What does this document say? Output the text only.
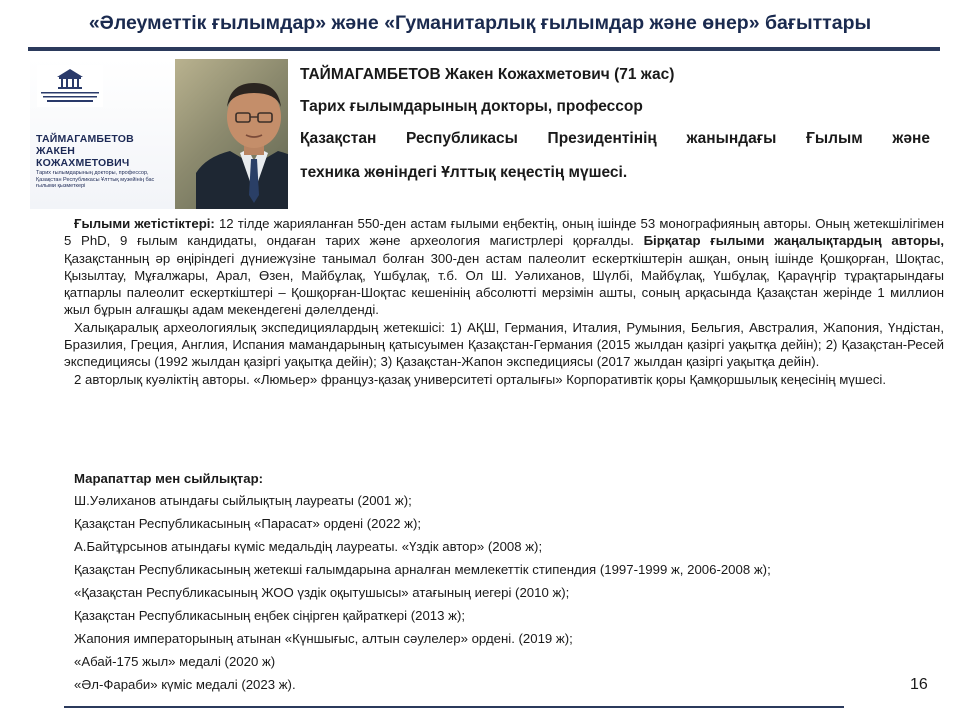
«Әлеуметтік ғылымдар» және «Гуманитарлық ғылымдар және өнер» бағыттары
ТАЙМАГАМБЕТОВ
ЖАКЕН
КОЖАХМЕТОВИЧ
Тарих ғылымдарының докторы, профессор, Қазақстан Республикасы Ұлттық музейінің бас ғылыми қызметкері
ТАЙМАГАМБЕТОВ Жакен Кожахметович (71 жас)
Тарих ғылымдарының докторы, профессор
Қазақстан Республикасы Президентінің жанындағы Ғылым және
техника жөніндегі Ұлттық кеңестің мүшесі.

Ғылыми жетістіктері: 12 тілде жарияланған 550-ден астам ғылыми еңбектің, оның ішінде 53 монографияның авторы. Оның жетекшілігімен 5 PhD, 9 ғылым кандидаты, ондаған тарих және археология магистрлері қорғалды. Бірқатар ғылыми жаңалықтардың авторы, Қазақстанның әр өңіріндегі дүниежүзіне танымал болған 300-ден астам палеолит ескерткіштерін ашқан, оның ішінде Қошқорған, Шоқтас, Қызылтау, Мұғалжары, Арал, Өзен, Майбұлақ, Үшбұлақ, т.б. Ол Ш. Уәлиханов, Шүлбі, Майбұлақ, Үшбұлақ, Қараүңгір тұрақтарындағы қатпарлы палеолит ескерткіштері – Қошқорған-Шоқтас кешенінің абсолютті мерзімін ашты, соның арқасында Қазақстан жерінде 1 миллион жыл бұрын алғашқы адам мекендегені дәлелденді.

Халықаралық археологиялық экспедициялардың жетекшісі: 1) АҚШ, Германия, Италия, Румыния, Бельгия, Австралия, Жапония, Үндістан, Бразилия, Греция, Англия, Испания мамандарының қатысуымен Қазақстан-Германия (2015 жылдан қазіргі уақытқа дейін); 2) Қазақстан-Ресей экспедициясы (1992 жылдан қазіргі уақытқа дейін); 3) Қазақстан-Жапон экспедициясы (2017 жылдан қазіргі уақытқа дейін).

2 авторлық куәліктің авторы. «Люмьер» француз-қазақ университеті орталығы» Корпоративтік қоры Қамқоршылық кеңесінің мүшесі.

Марапаттар мен сыйлықтар:
Ш.Уәлиханов атындағы сыйлықтың лауреаты (2001 ж);
Қазақстан Республикасының «Парасат» ордені (2022 ж);
А.Байтұрсынов атындағы күміс медальдің лауреаты. «Үздік автор» (2008 ж);
Қазақстан Республикасының жетекші ғалымдарына арналған мемлекеттік стипендия (1997-1999 ж, 2006-2008 ж);
«Қазақстан Республикасының ЖОО үздік оқытушысы» атағының иегері (2010 ж);
Қазақстан Республикасының еңбек сіңірген қайраткері (2013 ж);
Жапония императорының атынан «Күншығыс, алтын сәулелер» ордені. (2019 ж);
«Абай-175 жыл» медалі (2020 ж)
«Әл-Фараби» күміс медалі (2023 ж).	16
